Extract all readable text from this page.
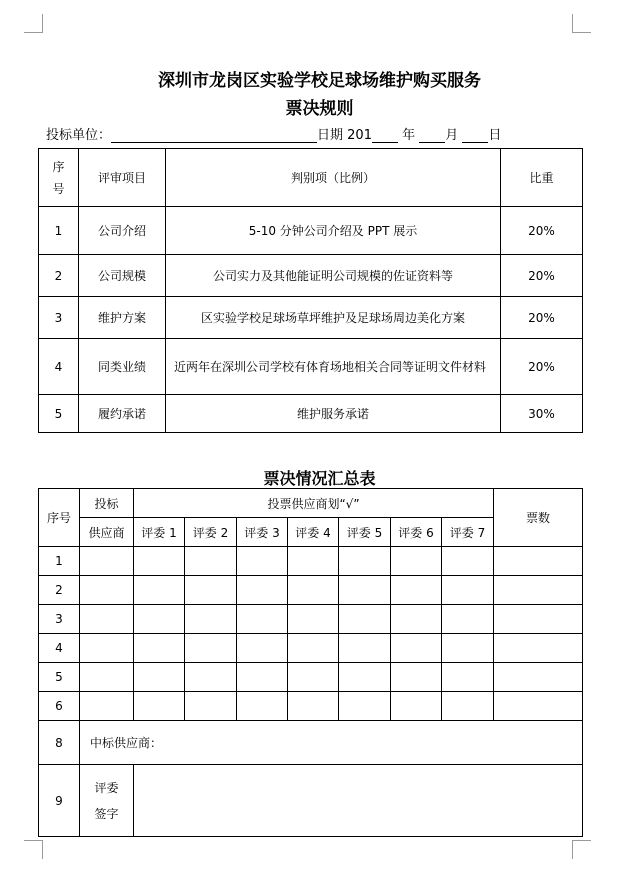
深圳市龙岗区实验学校足球场维护购买服务
票决规则
投标单位：	日期 201 年 月 日
序号	评审项目	判别项（比例）	比重
1	公司介绍	5-10 分钟公司介绍及 PPT 展示	20%
2	公司规模	公司实力及其他能证明公司规模的佐证资料等	20%
3	维护方案	区实验学校足球场草坪维护及足球场周边美化方案	20%
4	同类业绩	近两年在深圳公司学校有体育场地相关合同等证明文件材料	20%
5	履约承诺	维护服务承诺	30%
票决情况汇总表
序号	投标	投票供应商划“√”							票数
	供应商	评委 1	评委 2	评委 3	评委 4	评委 5	评委 6	评委 7	
1									
2									
3									
4									
5									
6									
8	中标供应商：								
9	评委
签字								
